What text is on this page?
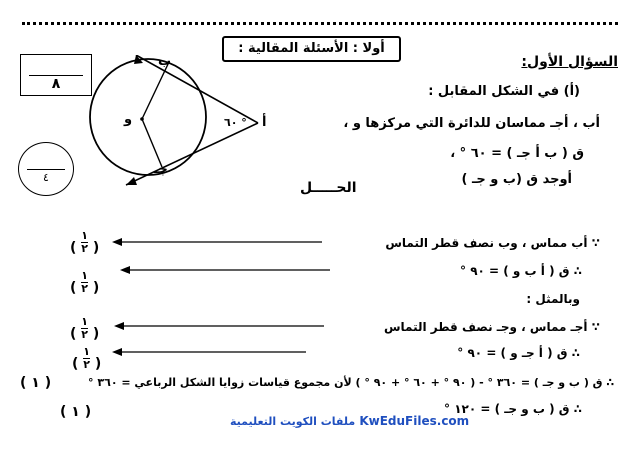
أولا : الأسئلة المقالية :
٨
٤
و
ب
جـ
أ
٦٠ °
السؤال الأول:
(أ) في الشكل المقابل :
أب ، أجـ مماسان للدائرة التي مركزها و ،
ق ( ب أ جـ ) = ٦٠ ° ،
أوجد ق (ب و جـ )
الحـــــل
∵ أب مماس ، وب نصف قطر التماس
∴ ق ( أ ب و ) = ٩٠ °
وبالمثل :
∵ أجـ مماس ، وجـ نصف قطر التماس
∴ ق ( أ جـ و ) = ٩٠ °
∴ ق ( ب و جـ ) = ٣٦٠ ° - ( ٩٠ ° + ٦٠ ° + ٩٠ ° ) لأن مجموع قياسات زوايا الشكل الرباعي = ٣٦٠ °
∴ ق ( ب و جـ ) = ١٢٠ °
( $\frac{١}{٢}$ )
( $\frac{١}{٢}$ )
( $\frac{١}{٢}$ )
( $\frac{١}{٢}$ )
( ١ )
( ١ )
ملفات الكويت التعليمية KwEduFiles.com
